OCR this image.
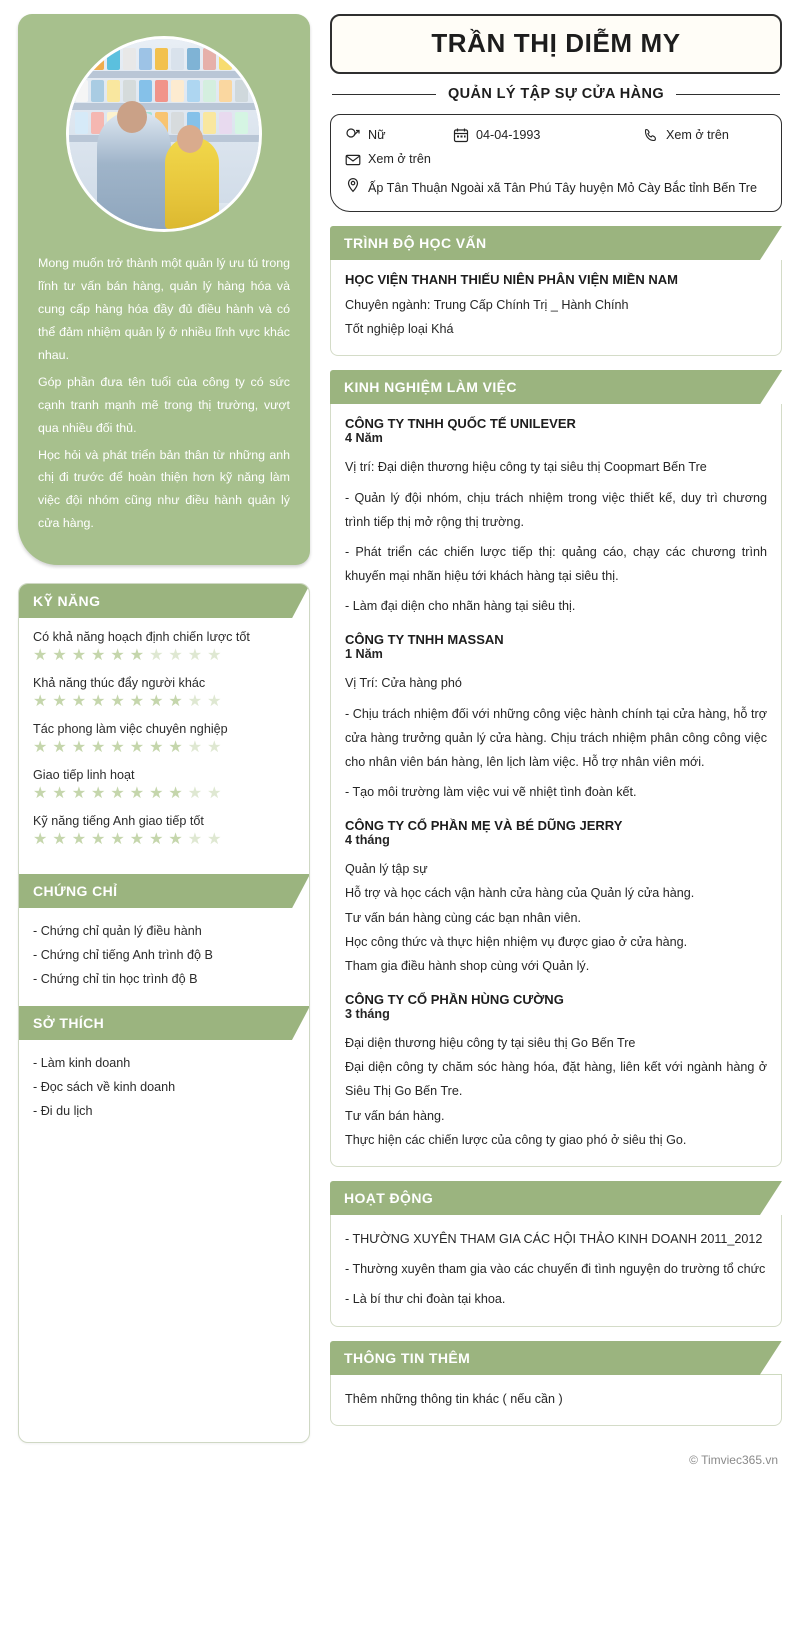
Mong muốn trở thành một quản lý ưu tú trong lĩnh tư vấn bán hàng, quản lý hàng hóa và cung cấp hàng hóa đầy đủ điều hành và có thể đảm nhiệm quản lý ở nhiều lĩnh vực khác nhau.

Góp phần đưa tên tuổi của công ty có sức cạnh tranh mạnh mẽ trong thị trường, vượt qua nhiều đối thủ.

Học hỏi và phát triển bản thân từ những anh chị đi trước để hoàn thiện hơn kỹ năng làm việc đội nhóm cũng như điều hành quản lý cửa hàng.

KỸ NĂNG
Có khả năng hoạch định chiến lược tốt
★ ★ ★ ★ ★ ★ ★ ★ ★ ★
Khả năng thúc đẩy người khác
★ ★ ★ ★ ★ ★ ★ ★ ★ ★
Tác phong làm việc chuyên nghiệp
★ ★ ★ ★ ★ ★ ★ ★ ★ ★
Giao tiếp linh hoạt
★ ★ ★ ★ ★ ★ ★ ★ ★ ★
Kỹ năng tiếng Anh giao tiếp tốt
★ ★ ★ ★ ★ ★ ★ ★ ★ ★
CHỨNG CHỈ
- Chứng chỉ quản lý điều hành
- Chứng chỉ tiếng Anh trình độ B
- Chứng chỉ tin học trình độ B
SỞ THÍCH
- Làm kinh doanh
- Đọc sách về kinh doanh
- Đi du lịch
TRẦN THỊ DIỄM MY
QUẢN LÝ TẬP SỰ CỬA HÀNG
Nữ	04-04-1993	Xem ở trên
Xem ở trên
Ấp Tân Thuận Ngoài xã Tân Phú Tây huyện Mỏ Cày Bắc tỉnh Bến Tre
TRÌNH ĐỘ HỌC VẤN
HỌC VIỆN THANH THIẾU NIÊN PHÂN VIỆN MIỀN NAM
Chuyên ngành: Trung Cấp Chính Trị _ Hành Chính
Tốt nghiệp loại Khá
KINH NGHIỆM LÀM VIỆC
CÔNG TY TNHH QUỐC TẾ UNILEVER
4 Năm

Vị trí: Đại diện thương hiệu công ty tại siêu thị Coopmart Bến Tre

- Quản lý đội nhóm, chịu trách nhiệm trong việc thiết kế, duy trì chương trình tiếp thị mở rộng thị trường.

- Phát triển các chiến lược tiếp thị: quảng cáo, chạy các chương trình khuyến mại nhãn hiệu tới khách hàng tại siêu thị.

- Làm đại diện cho nhãn hàng tại siêu thị.

CÔNG TY TNHH MASSAN
1 Năm

Vị Trí: Cửa hàng phó

- Chịu trách nhiệm đối với những công việc hành chính tại cửa hàng, hỗ trợ cửa hàng trưởng quản lý cửa hàng. Chịu trách nhiệm phân công công việc cho nhân viên bán hàng, lên lịch làm việc. Hỗ trợ nhân viên mới.

- Tạo môi trường làm việc vui vẽ nhiệt tình đoàn kết.

CÔNG TY CỔ PHẦN MẸ VÀ BÉ DŨNG JERRY
4 tháng

Quản lý tập sự

Hỗ trợ và học cách vận hành cửa hàng của Quản lý cửa hàng.

Tư vấn bán hàng cùng các bạn nhân viên.

Học công thức và thực hiện nhiệm vụ được giao ở cửa hàng.

Tham gia điều hành shop cùng với Quản lý.

CÔNG TY CỔ PHẦN HÙNG CƯỜNG
3 tháng

Đại diện thương hiệu công ty tại siêu thị Go Bến Tre

Đại diện công ty chăm sóc hàng hóa, đặt hàng, liên kết với ngành hàng ở Siêu Thị Go Bến Tre.

Tư vấn bán hàng.

Thực hiện các chiến lược của công ty giao phó ở siêu thị Go.

HOẠT ĐỘNG

- THƯỜNG XUYÊN THAM GIA CÁC HỘI THẢO KINH DOANH 2011_2012

- Thường xuyên tham gia vào các chuyến đi tình nguyện do trường tổ chức

- Là bí thư chi đoàn tại khoa.

THÔNG TIN THÊM

Thêm những thông tin khác ( nếu cần )

© Timviec365.vn
